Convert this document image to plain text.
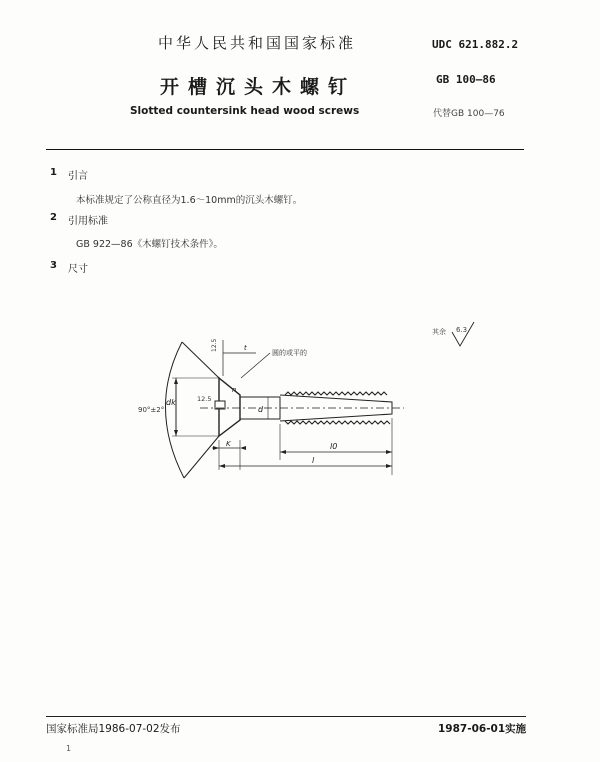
中华人民共和国国家标准	UDC 621.882.2
开槽沉头木螺钉	GB 100—86
Slotted countersink head wood screws	代替GB 100—76
1 引言
本标准规定了公称直径为1.6～10mm的沉头木螺钉。
2 引用标准
GB 922—86《木螺钉技术条件》。
3 尺寸
90°±2°
dk	12.5
12.5	t
n
d
K	l0
l
圆的或平的
其余 6.3
国家标准局1986-07-02发布	1987-06-01实施
1
